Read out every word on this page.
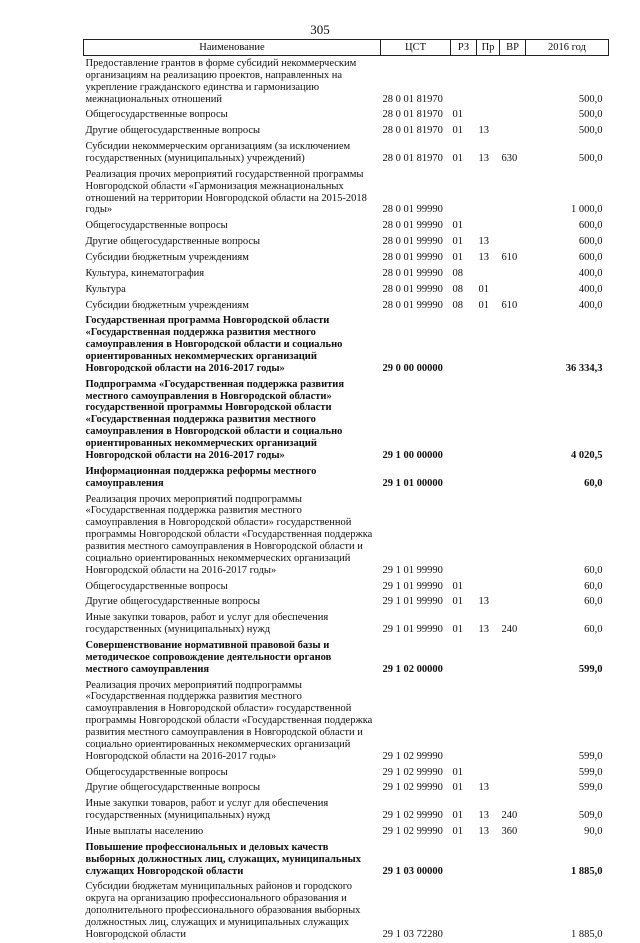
305
Наименование	ЦСТ	РЗ	Пр	ВР	2016 год
Предоставление грантов в форме субсидий некоммерческим организациям на реализацию проектов, направленных на укрепление гражданского единства и гармонизацию межнациональных отношений	28 0 01 81970				500,0
Общегосударственные вопросы	28 0 01 81970	01			500,0
Другие общегосударственные вопросы	28 0 01 81970	01	13		500,0
Субсидии некоммерческим организациям (за исключением государственных (муниципальных) учреждений)	28 0 01 81970	01	13	630	500,0
Реализация прочих мероприятий государственной программы Новгородской области «Гармонизация межнациональных отношений на территории Новгородской области на 2015-2018 годы»	28 0 01 99990				1 000,0
Общегосударственные вопросы	28 0 01 99990	01			600,0
Другие общегосударственные вопросы	28 0 01 99990	01	13		600,0
Субсидии бюджетным учреждениям	28 0 01 99990	01	13	610	600,0
Культура, кинематография	28 0 01 99990	08			400,0
Культура	28 0 01 99990	08	01		400,0
Субсидии бюджетным учреждениям	28 0 01 99990	08	01	610	400,0
Государственная программа Новгородской области «Государственная поддержка развития местного самоуправления в Новгородской области и социально ориентированных некоммерческих организаций Новгородской области на 2016-2017 годы»	29 0 00 00000				36 334,3
Подпрограмма «Государственная поддержка развития местного самоуправления в Новгородской области» государственной программы Новгородской области «Государственная поддержка развития местного самоуправления в Новгородской области и социально ориентированных некоммерческих организаций Новгородской области на 2016-2017 годы»	29 1 00 00000				4 020,5
Информационная поддержка реформы местного самоуправления	29 1 01 00000				60,0
Реализация прочих мероприятий подпрограммы «Государственная поддержка развития местного самоуправления в Новгородской области» государственной программы Новгородской области «Государственная поддержка развития местного самоуправления в Новгородской области и социально ориентированных некоммерческих организаций Новгородской области на 2016-2017 годы»	29 1 01 99990				60,0
Общегосударственные вопросы	29 1 01 99990	01			60,0
Другие общегосударственные вопросы	29 1 01 99990	01	13		60,0
Иные закупки товаров, работ и услуг для обеспечения государственных (муниципальных) нужд	29 1 01 99990	01	13	240	60,0
Совершенствование нормативной правовой базы и методическое сопровождение деятельности органов местного самоуправления	29 1 02 00000				599,0
Реализация прочих мероприятий подпрограммы «Государственная поддержка развития местного самоуправления в Новгородской области» государственной программы Новгородской области «Государственная поддержка развития местного самоуправления в Новгородской области и социально ориентированных некоммерческих организаций Новгородской области на 2016-2017 годы»	29 1 02 99990				599,0
Общегосударственные вопросы	29 1 02 99990	01			599,0
Другие общегосударственные вопросы	29 1 02 99990	01	13		599,0
Иные закупки товаров, работ и услуг для обеспечения государственных (муниципальных) нужд	29 1 02 99990	01	13	240	509,0
Иные выплаты населению	29 1 02 99990	01	13	360	90,0
Повышение профессиональных и деловых качеств выборных должностных лиц, служащих, муниципальных служащих Новгородской области	29 1 03 00000				1 885,0
Субсидии бюджетам муниципальных районов и городского округа на организацию профессионального образования и дополнительного профессионального образования выборных должностных лиц, служащих и муниципальных служащих Новгородской области	29 1 03 72280				1 885,0
